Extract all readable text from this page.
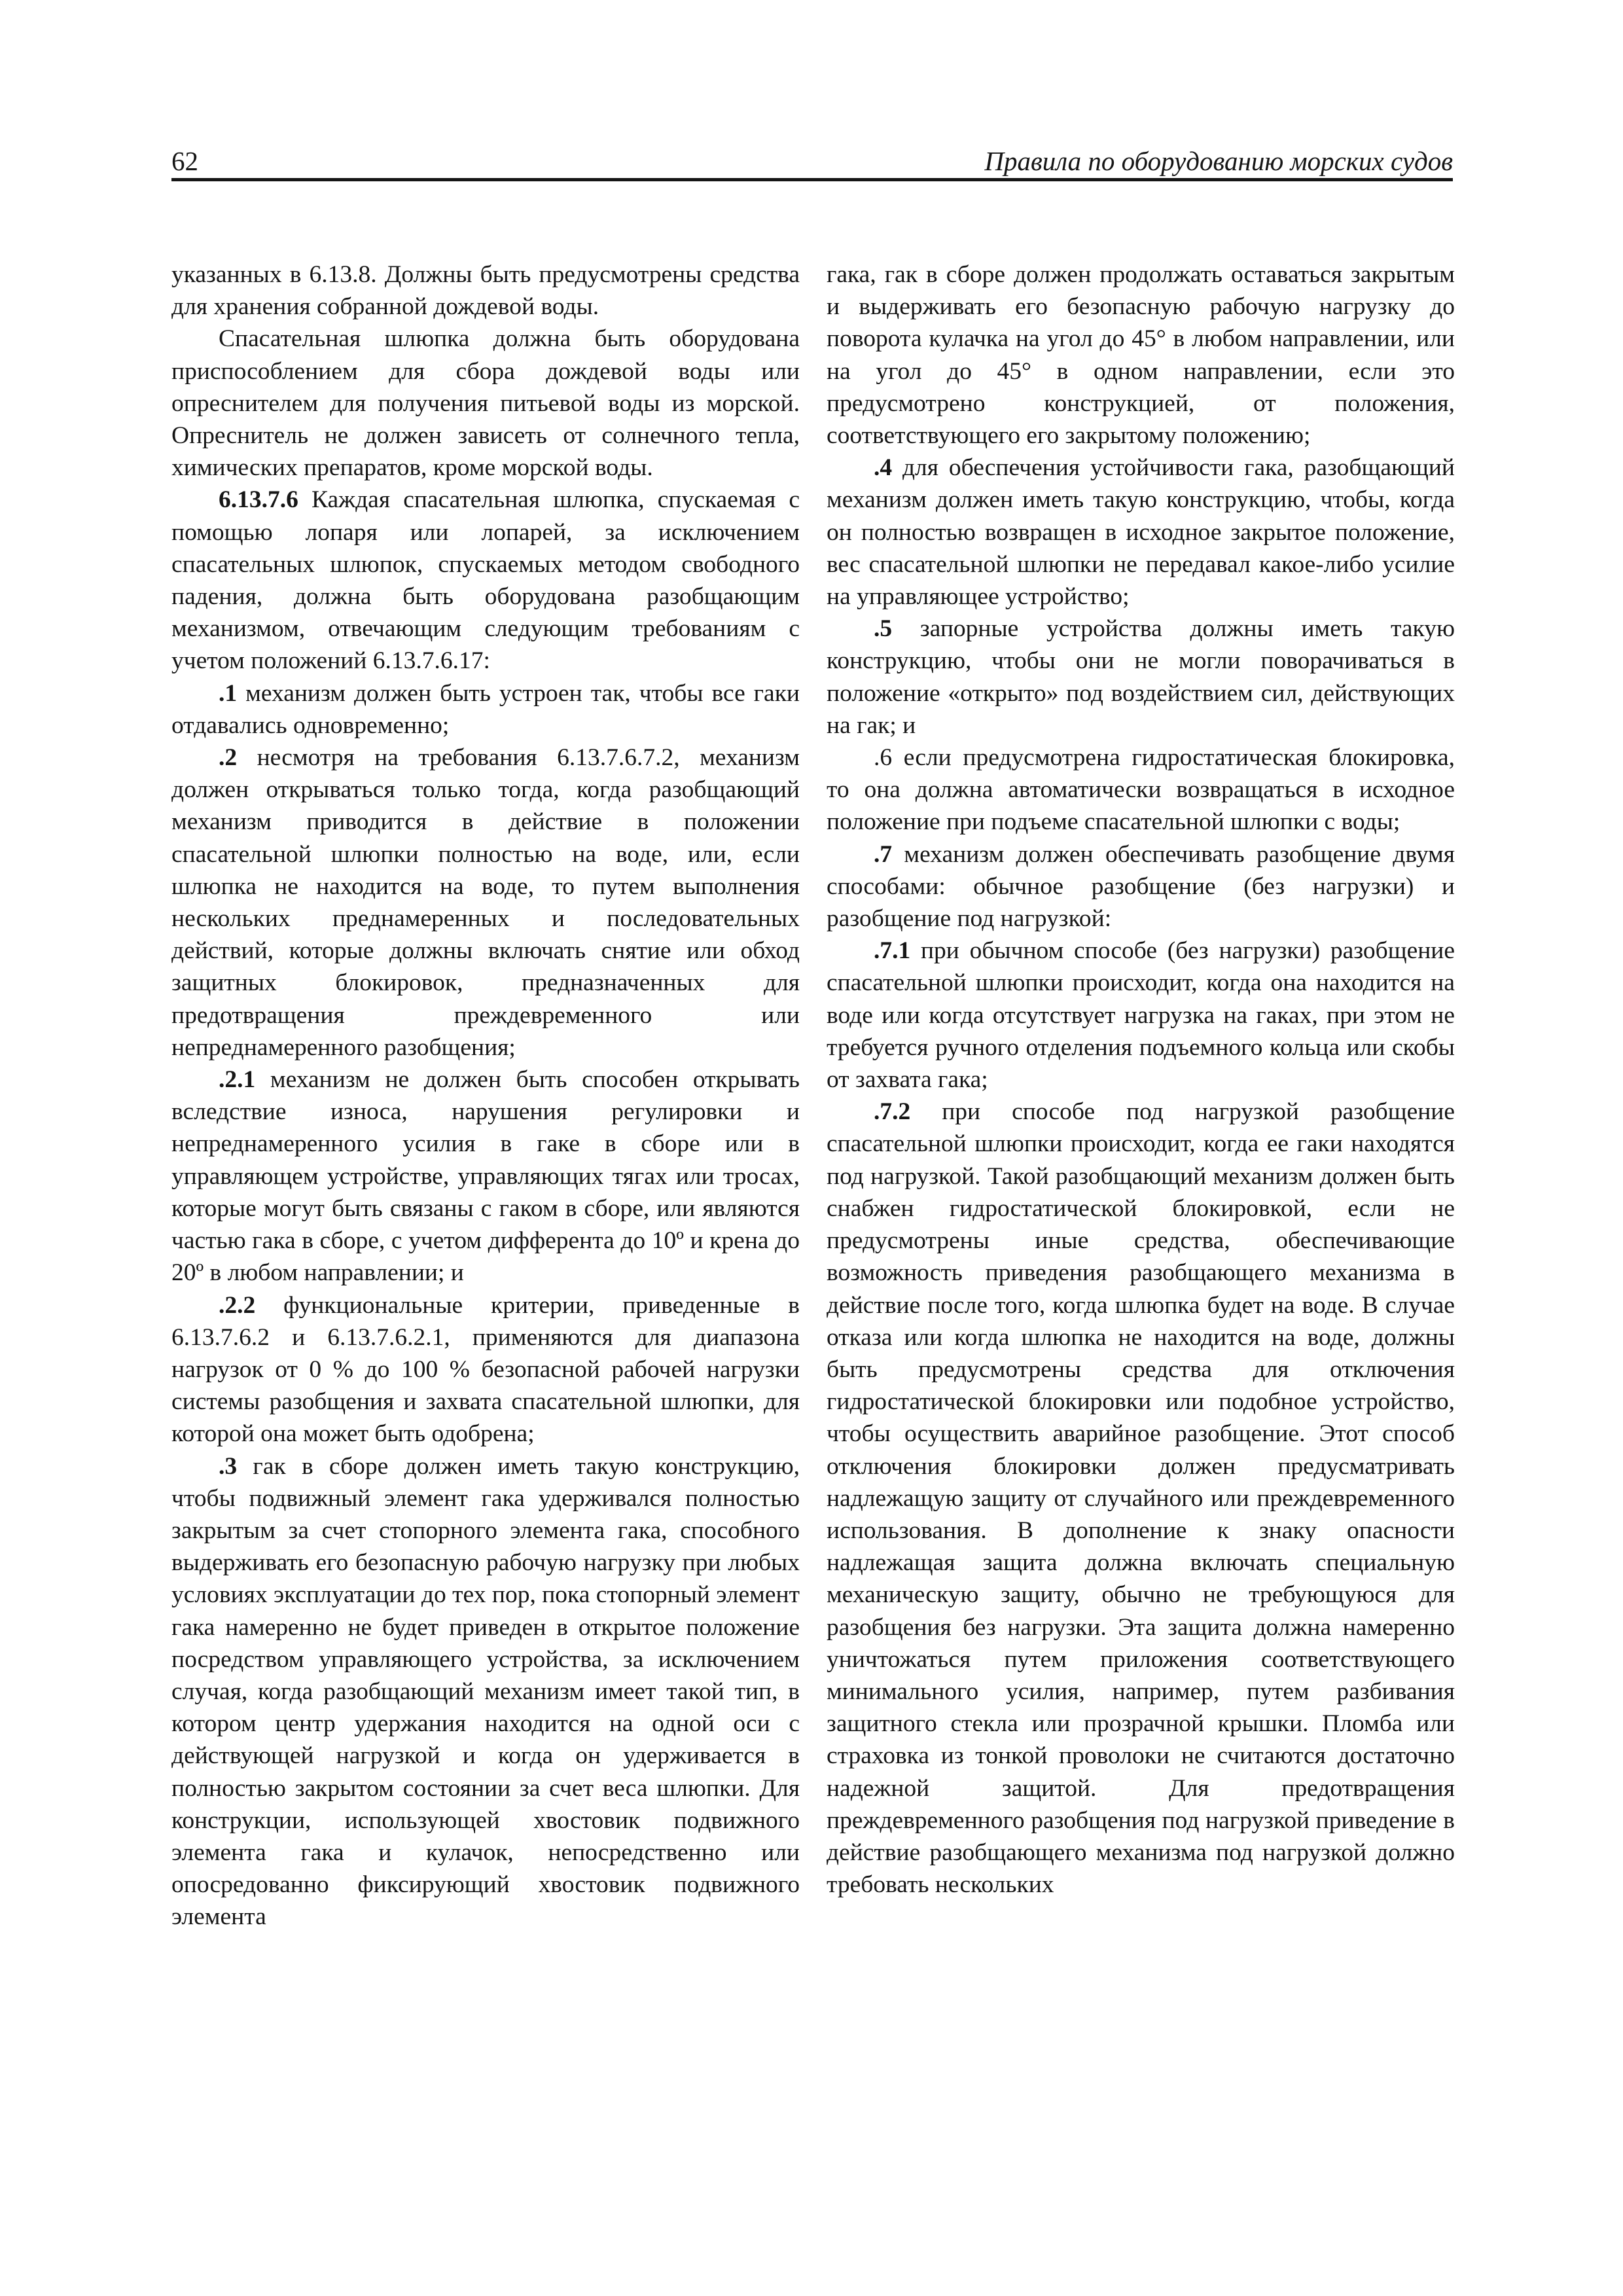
62	Правила по оборудованию морских судов

указанных в 6.13.8. Должны быть предусмотрены средства для хранения собранной дождевой воды.

Спасательная шлюпка должна быть оборудована приспособлением для сбора дождевой воды или опреснителем для получения питьевой воды из морской. Опреснитель не должен зависеть от солнечного тепла, химических препаратов, кроме морской воды.

6.13.7.6 Каждая спасательная шлюпка, спускаемая с помощью лопаря или лопарей, за исключением спасательных шлюпок, спускаемых методом свободного падения, должна быть оборудована разобщающим механизмом, отвечающим следующим требованиям с учетом положений 6.13.7.6.17:

.1 механизм должен быть устроен так, чтобы все гаки отдавались одновременно;

.2 несмотря на требования 6.13.7.6.7.2, механизм должен открываться только тогда, когда разобщающий механизм приводится в действие в положении спасательной шлюпки полностью на воде, или, если шлюпка не находится на воде, то путем выполнения нескольких преднамеренных и последовательных действий, которые должны включать снятие или обход защитных блокировок, предназначенных для предотвращения преждевременного или непреднамеренного разобщения;

.2.1 механизм не должен быть способен открывать вследствие износа, нарушения регулировки и непреднамеренного усилия в гаке в сборе или в управляющем устройстве, управляющих тягах или тросах, которые могут быть связаны с гаком в сборе, или являются частью гака в сборе, с учетом дифферента до 10º и крена до 20º в любом направлении; и

.2.2 функциональные критерии, приведенные в 6.13.7.6.2 и 6.13.7.6.2.1, применяются для диапазона нагрузок от 0 % до 100 % безопасной рабочей нагрузки системы разобщения и захвата спасательной шлюпки, для которой она может быть одобрена;

.3 гак в сборе должен иметь такую конструкцию, чтобы подвижный элемент гака удерживался полностью закрытым за счет стопорного элемента гака, способного выдерживать его безопасную рабочую нагрузку при любых условиях эксплуатации до тех пор, пока стопорный элемент гака намеренно не будет приведен в открытое положение посредством управляющего устройства, за исключением случая, когда разобщающий механизм имеет такой тип, в котором центр удержания находится на одной оси с действующей нагрузкой и когда он удерживается в полностью закрытом состоянии за счет веса шлюпки. Для конструкции, использующей хвостовик подвижного элемента гака и кулачок, непосредственно или опосредованно фиксирующий хвостовик подвижного элемента

гака, гак в сборе должен продолжать оставаться закрытым и выдерживать его безопасную рабочую нагрузку до поворота кулачка на угол до 45° в любом направлении, или на угол до 45° в одном направлении, если это предусмотрено конструкцией, от положения, соответствующего его закрытому положению;

.4 для обеспечения устойчивости гака, разобщающий механизм должен иметь такую конструкцию, чтобы, когда он полностью возвращен в исходное закрытое положение, вес спасательной шлюпки не передавал какое-либо усилие на управляющее устройство;

.5 запорные устройства должны иметь такую конструкцию, чтобы они не могли поворачиваться в положение «открыто» под воздействием сил, действующих на гак; и

.6 если предусмотрена гидростатическая блокировка, то она должна автоматически возвращаться в исходное положение при подъеме спасательной шлюпки с воды;

.7 механизм должен обеспечивать разобщение двумя способами: обычное разобщение (без нагрузки) и разобщение под нагрузкой:

.7.1 при обычном способе (без нагрузки) разобщение спасательной шлюпки происходит, когда она находится на воде или когда отсутствует нагрузка на гаках, при этом не требуется ручного отделения подъемного кольца или скобы от захвата гака;

.7.2 при способе под нагрузкой разобщение спасательной шлюпки происходит, когда ее гаки находятся под нагрузкой. Такой разобщающий механизм должен быть снабжен гидростатической блокировкой, если не предусмотрены иные средства, обеспечивающие возможность приведения разобщающего механизма в действие после того, когда шлюпка будет на воде. В случае отказа или когда шлюпка не находится на воде, должны быть предусмотрены средства для отключения гидростатической блокировки или подобное устройство, чтобы осуществить аварийное разобщение. Этот способ отключения блокировки должен предусматривать надлежащую защиту от случайного или преждевременного использования. В дополнение к знаку опасности надлежащая защита должна включать специальную механическую защиту, обычно не требующуюся для разобщения без нагрузки. Эта защита должна намеренно уничтожаться путем приложения соответствующего минимального усилия, например, путем разбивания защитного стекла или прозрачной крышки. Пломба или страховка из тонкой проволоки не считаются достаточно надежной защитой. Для предотвращения преждевременного разобщения под нагрузкой приведение в действие разобщающего механизма под нагрузкой должно требовать нескольких
